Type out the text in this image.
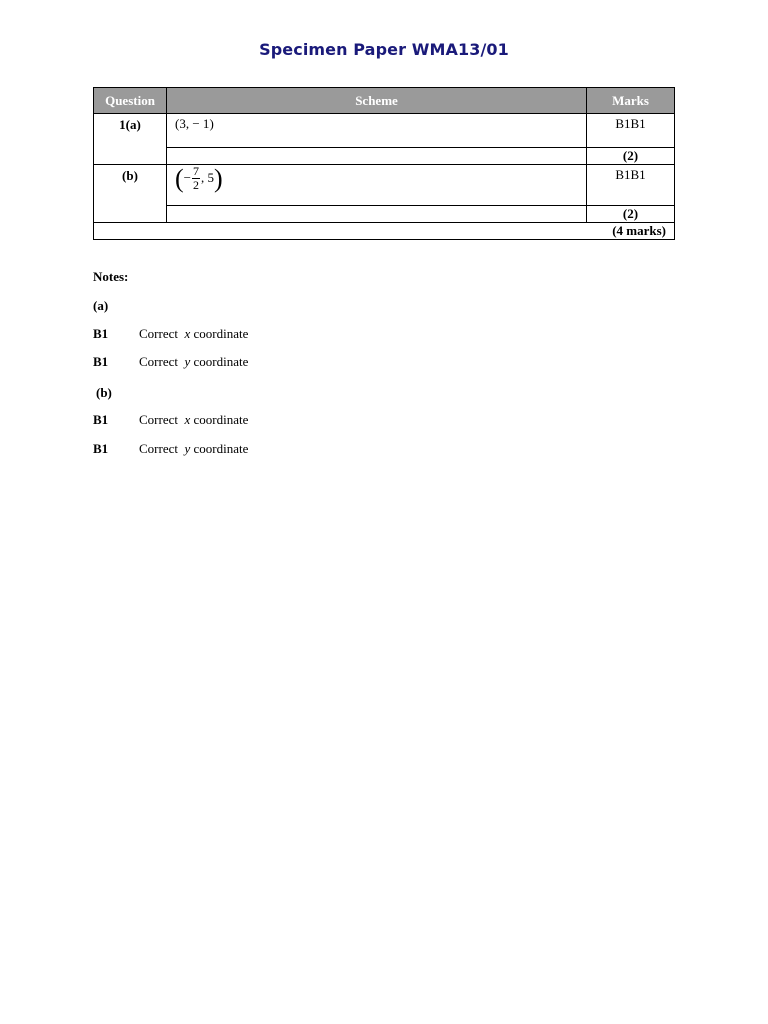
Specimen Paper WMA13/01
Question	Scheme	Marks
1(a)	(3, − 1)	B1B1
		(2)
(b)	(− $\frac{7}{2}$ , 5)	B1B1
		(2)
(4 marks)		
Notes:
(a)
B1 Correct x coordinate
B1 Correct y coordinate
(b)
B1 Correct x coordinate
B1 Correct y coordinate
